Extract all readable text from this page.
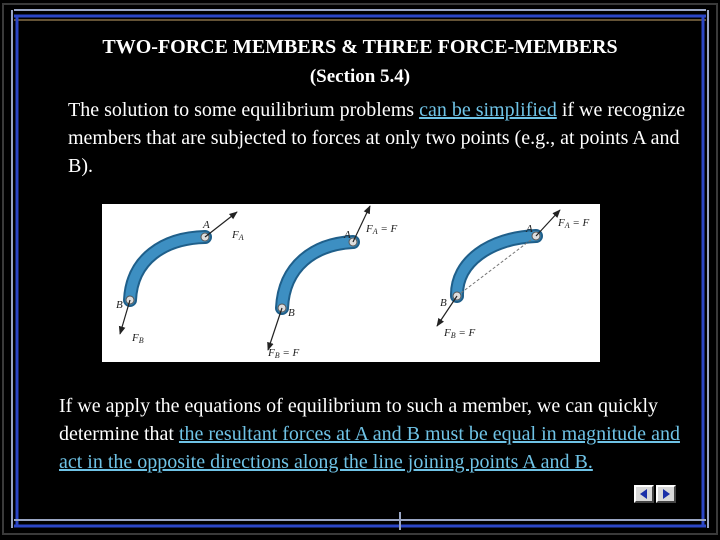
TWO-FORCE MEMBERS & THREE FORCE-MEMBERS
(Section 5.4)

The solution to some equilibrium problems can be simplified if we recognize members that are subjected to forces at only two points (e.g., at points A and B).

A
B
FA
FB
A
B
FA = F
FB = F
A
B
FA = F
FB = F

If we apply the equations of equilibrium to such a member, we can quickly determine that the resultant forces at A and B must be equal in magnitude and act in the opposite directions along the line joining points A and B.
